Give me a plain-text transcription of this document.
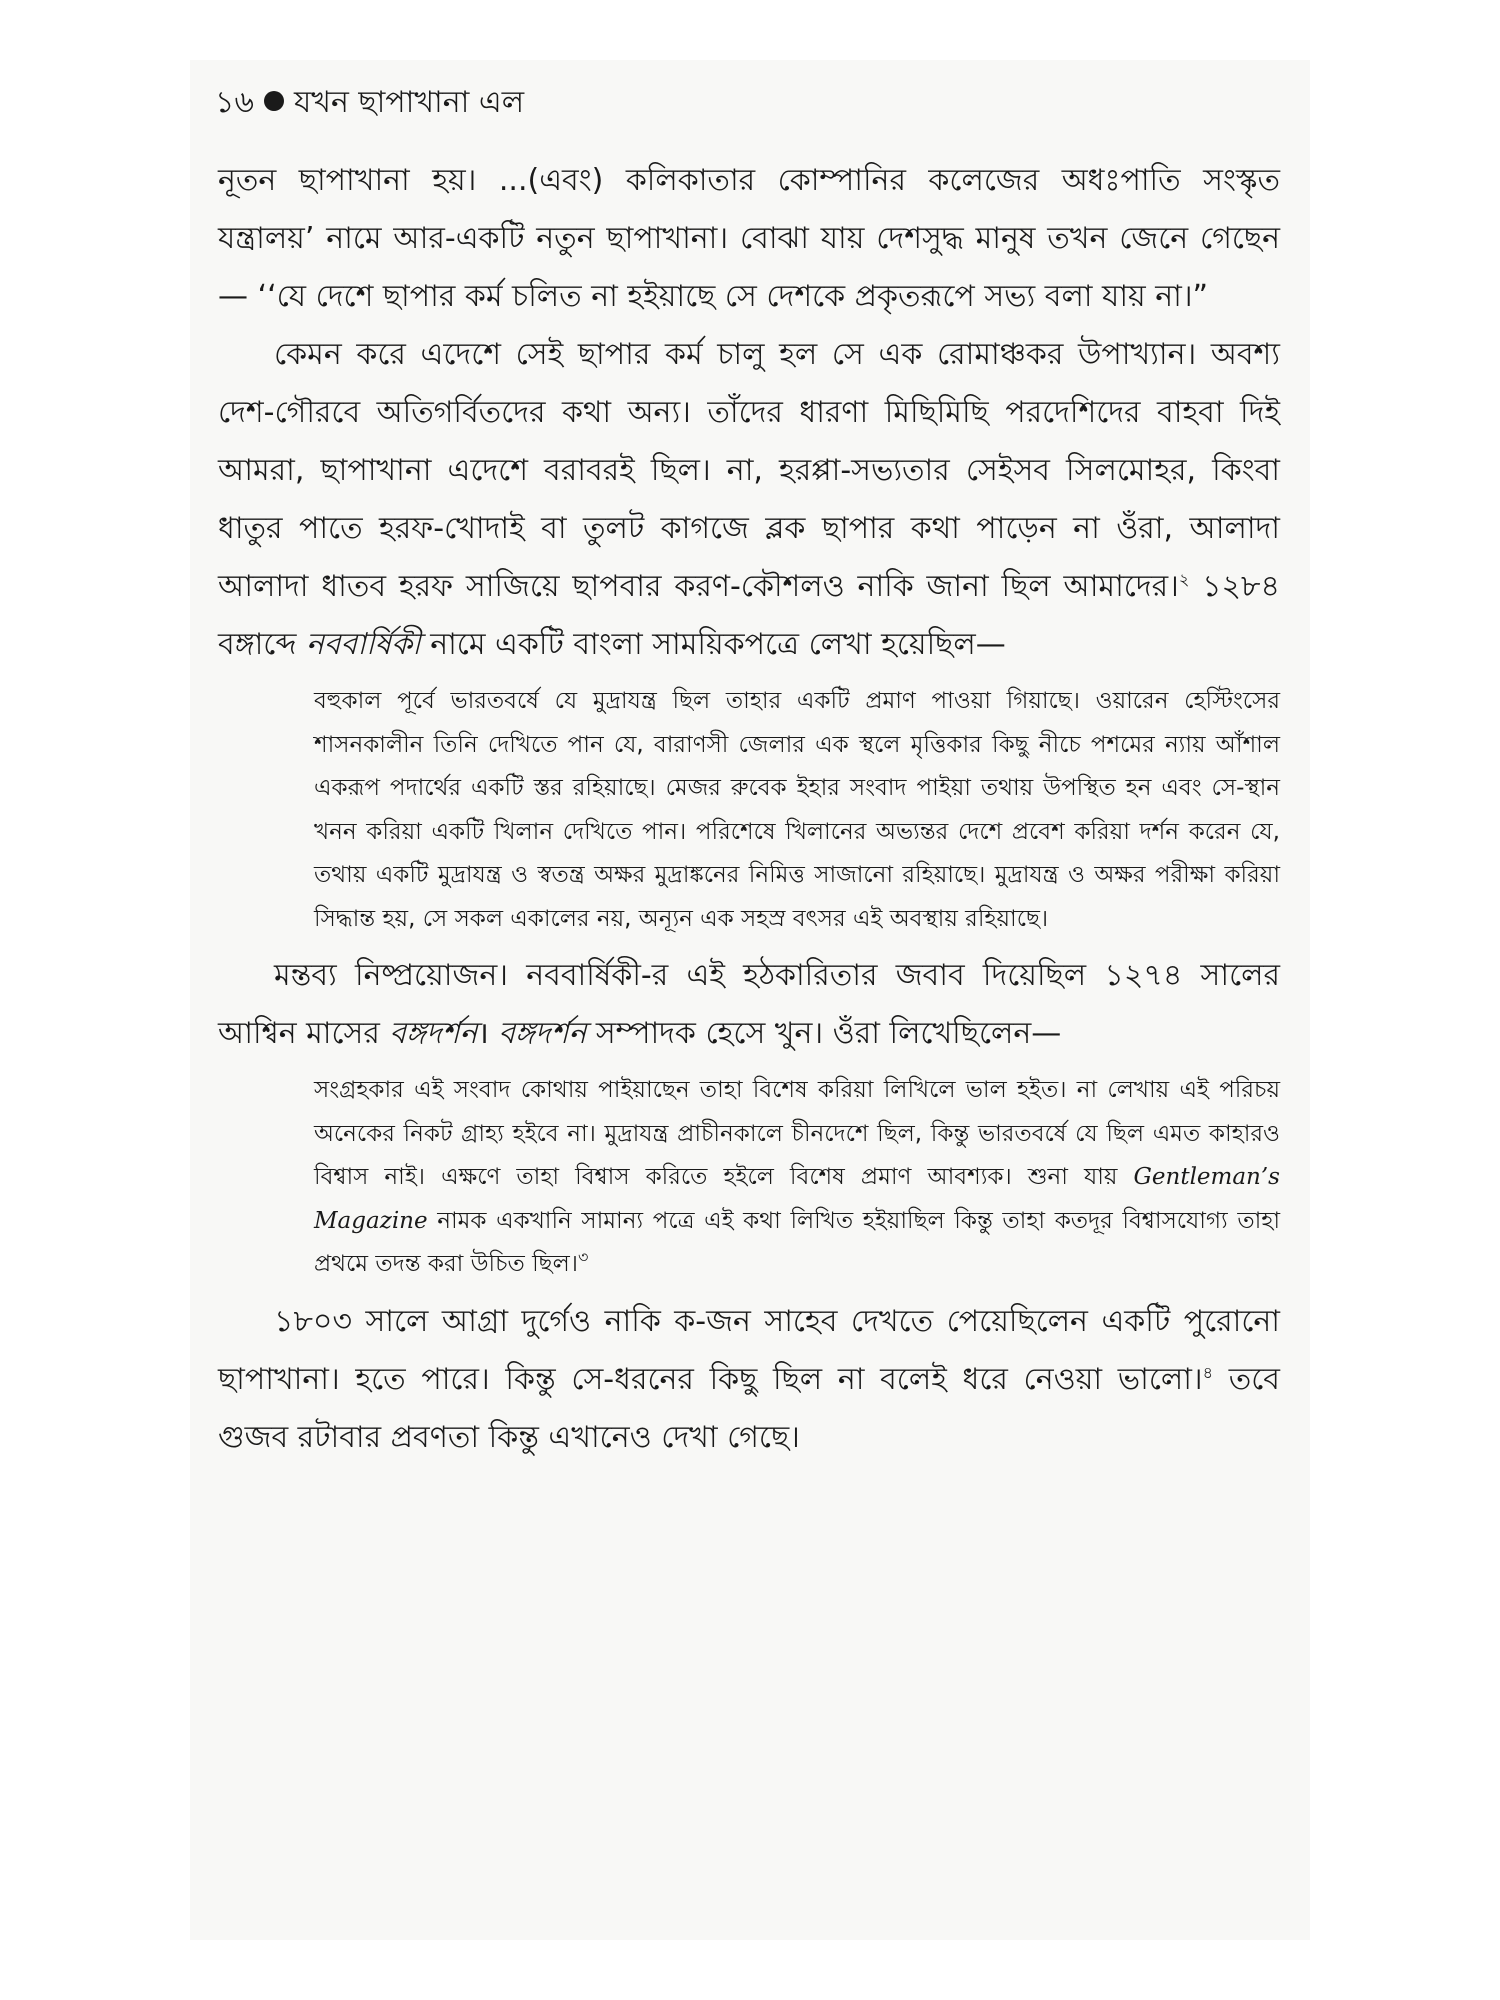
১৬ যখন ছাপাখানা এল

নূতন ছাপাখানা হয়। ...(এবং) কলিকাতার কোম্পানির কলেজের অধঃপাতি সংস্কৃত যন্ত্রালয়’ নামে আর-একটি নতুন ছাপাখানা। বোঝা যায় দেশসুদ্ধ মানুষ তখন জেনে গেছেন— ‘‘যে দেশে ছাপার কর্ম চলিত না হইয়াছে সে দেশকে প্রকৃতরূপে সভ্য বলা যায় না।”

কেমন করে এদেশে সেই ছাপার কর্ম চালু হল সে এক রোমাঞ্চকর উপাখ্যান। অবশ্য দেশ-গৌরবে অতিগর্বিতদের কথা অন্য। তাঁদের ধারণা মিছিমিছি পরদেশিদের বাহবা দিই আমরা, ছাপাখানা এদেশে বরাবরই ছিল। না, হরপ্পা-সভ্যতার সেইসব সিলমোহর, কিংবা ধাতুর পাতে হরফ-খোদাই বা তুলট কাগজে ব্লক ছাপার কথা পাড়েন না ওঁরা, আলাদা আলাদা ধাতব হরফ সাজিয়ে ছাপবার করণ-কৌশলও নাকি জানা ছিল আমাদের।$^২$ ১২৮৪ বঙ্গাব্দে নববার্ষিকী নামে একটি বাংলা সাময়িকপত্রে লেখা হয়েছিল—

বহুকাল পূর্বে ভারতবর্ষে যে মুদ্রাযন্ত্র ছিল তাহার একটি প্রমাণ পাওয়া গিয়াছে। ওয়ারেন হেস্টিংসের শাসনকালীন তিনি দেখিতে পান যে, বারাণসী জেলার এক স্থলে মৃত্তিকার কিছু নীচে পশমের ন্যায় আঁশাল একরূপ পদার্থের একটি স্তর রহিয়াছে। মেজর রুবেক ইহার সংবাদ পাইয়া তথায় উপস্থিত হন এবং সে-স্থান খনন করিয়া একটি খিলান দেখিতে পান। পরিশেষে খিলানের অভ্যন্তর দেশে প্রবেশ করিয়া দর্শন করেন যে, তথায় একটি মুদ্রাযন্ত্র ও স্বতন্ত্র অক্ষর মুদ্রাঙ্কনের নিমিত্ত সাজানো রহিয়াছে। মুদ্রাযন্ত্র ও অক্ষর পরীক্ষা করিয়া সিদ্ধান্ত হয়, সে সকল একালের নয়, অন্যূন এক সহস্র বৎসর এই অবস্থায় রহিয়াছে।

মন্তব্য নিষ্প্রয়োজন। নববার্ষিকী-র এই হঠকারিতার জবাব দিয়েছিল ১২৭৪ সালের আশ্বিন মাসের বঙ্গদর্শন। বঙ্গদর্শন সম্পাদক হেসে খুন। ওঁরা লিখেছিলেন—

সংগ্রহকার এই সংবাদ কোথায় পাইয়াছেন তাহা বিশেষ করিয়া লিখিলে ভাল হইত। না লেখায় এই পরিচয় অনেকের নিকট গ্রাহ্য হইবে না। মুদ্রাযন্ত্র প্রাচীনকালে চীনদেশে ছিল, কিন্তু ভারতবর্ষে যে ছিল এমত কাহারও বিশ্বাস নাই। এক্ষণে তাহা বিশ্বাস করিতে হইলে বিশেষ প্রমাণ আবশ্যক। শুনা যায় Gentleman’s Magazine নামক একখানি সামান্য পত্রে এই কথা লিখিত হইয়াছিল কিন্তু তাহা কতদূর বিশ্বাসযোগ্য তাহা প্রথমে তদন্ত করা উচিত ছিল।$^৩$

১৮০৩ সালে আগ্রা দুর্গেও নাকি ক-জন সাহেব দেখতে পেয়েছিলেন একটি পুরোনো ছাপাখানা। হতে পারে। কিন্তু সে-ধরনের কিছু ছিল না বলেই ধরে নেওয়া ভালো।$^৪$ তবে গুজব রটাবার প্রবণতা কিন্তু এখানেও দেখা গেছে।
